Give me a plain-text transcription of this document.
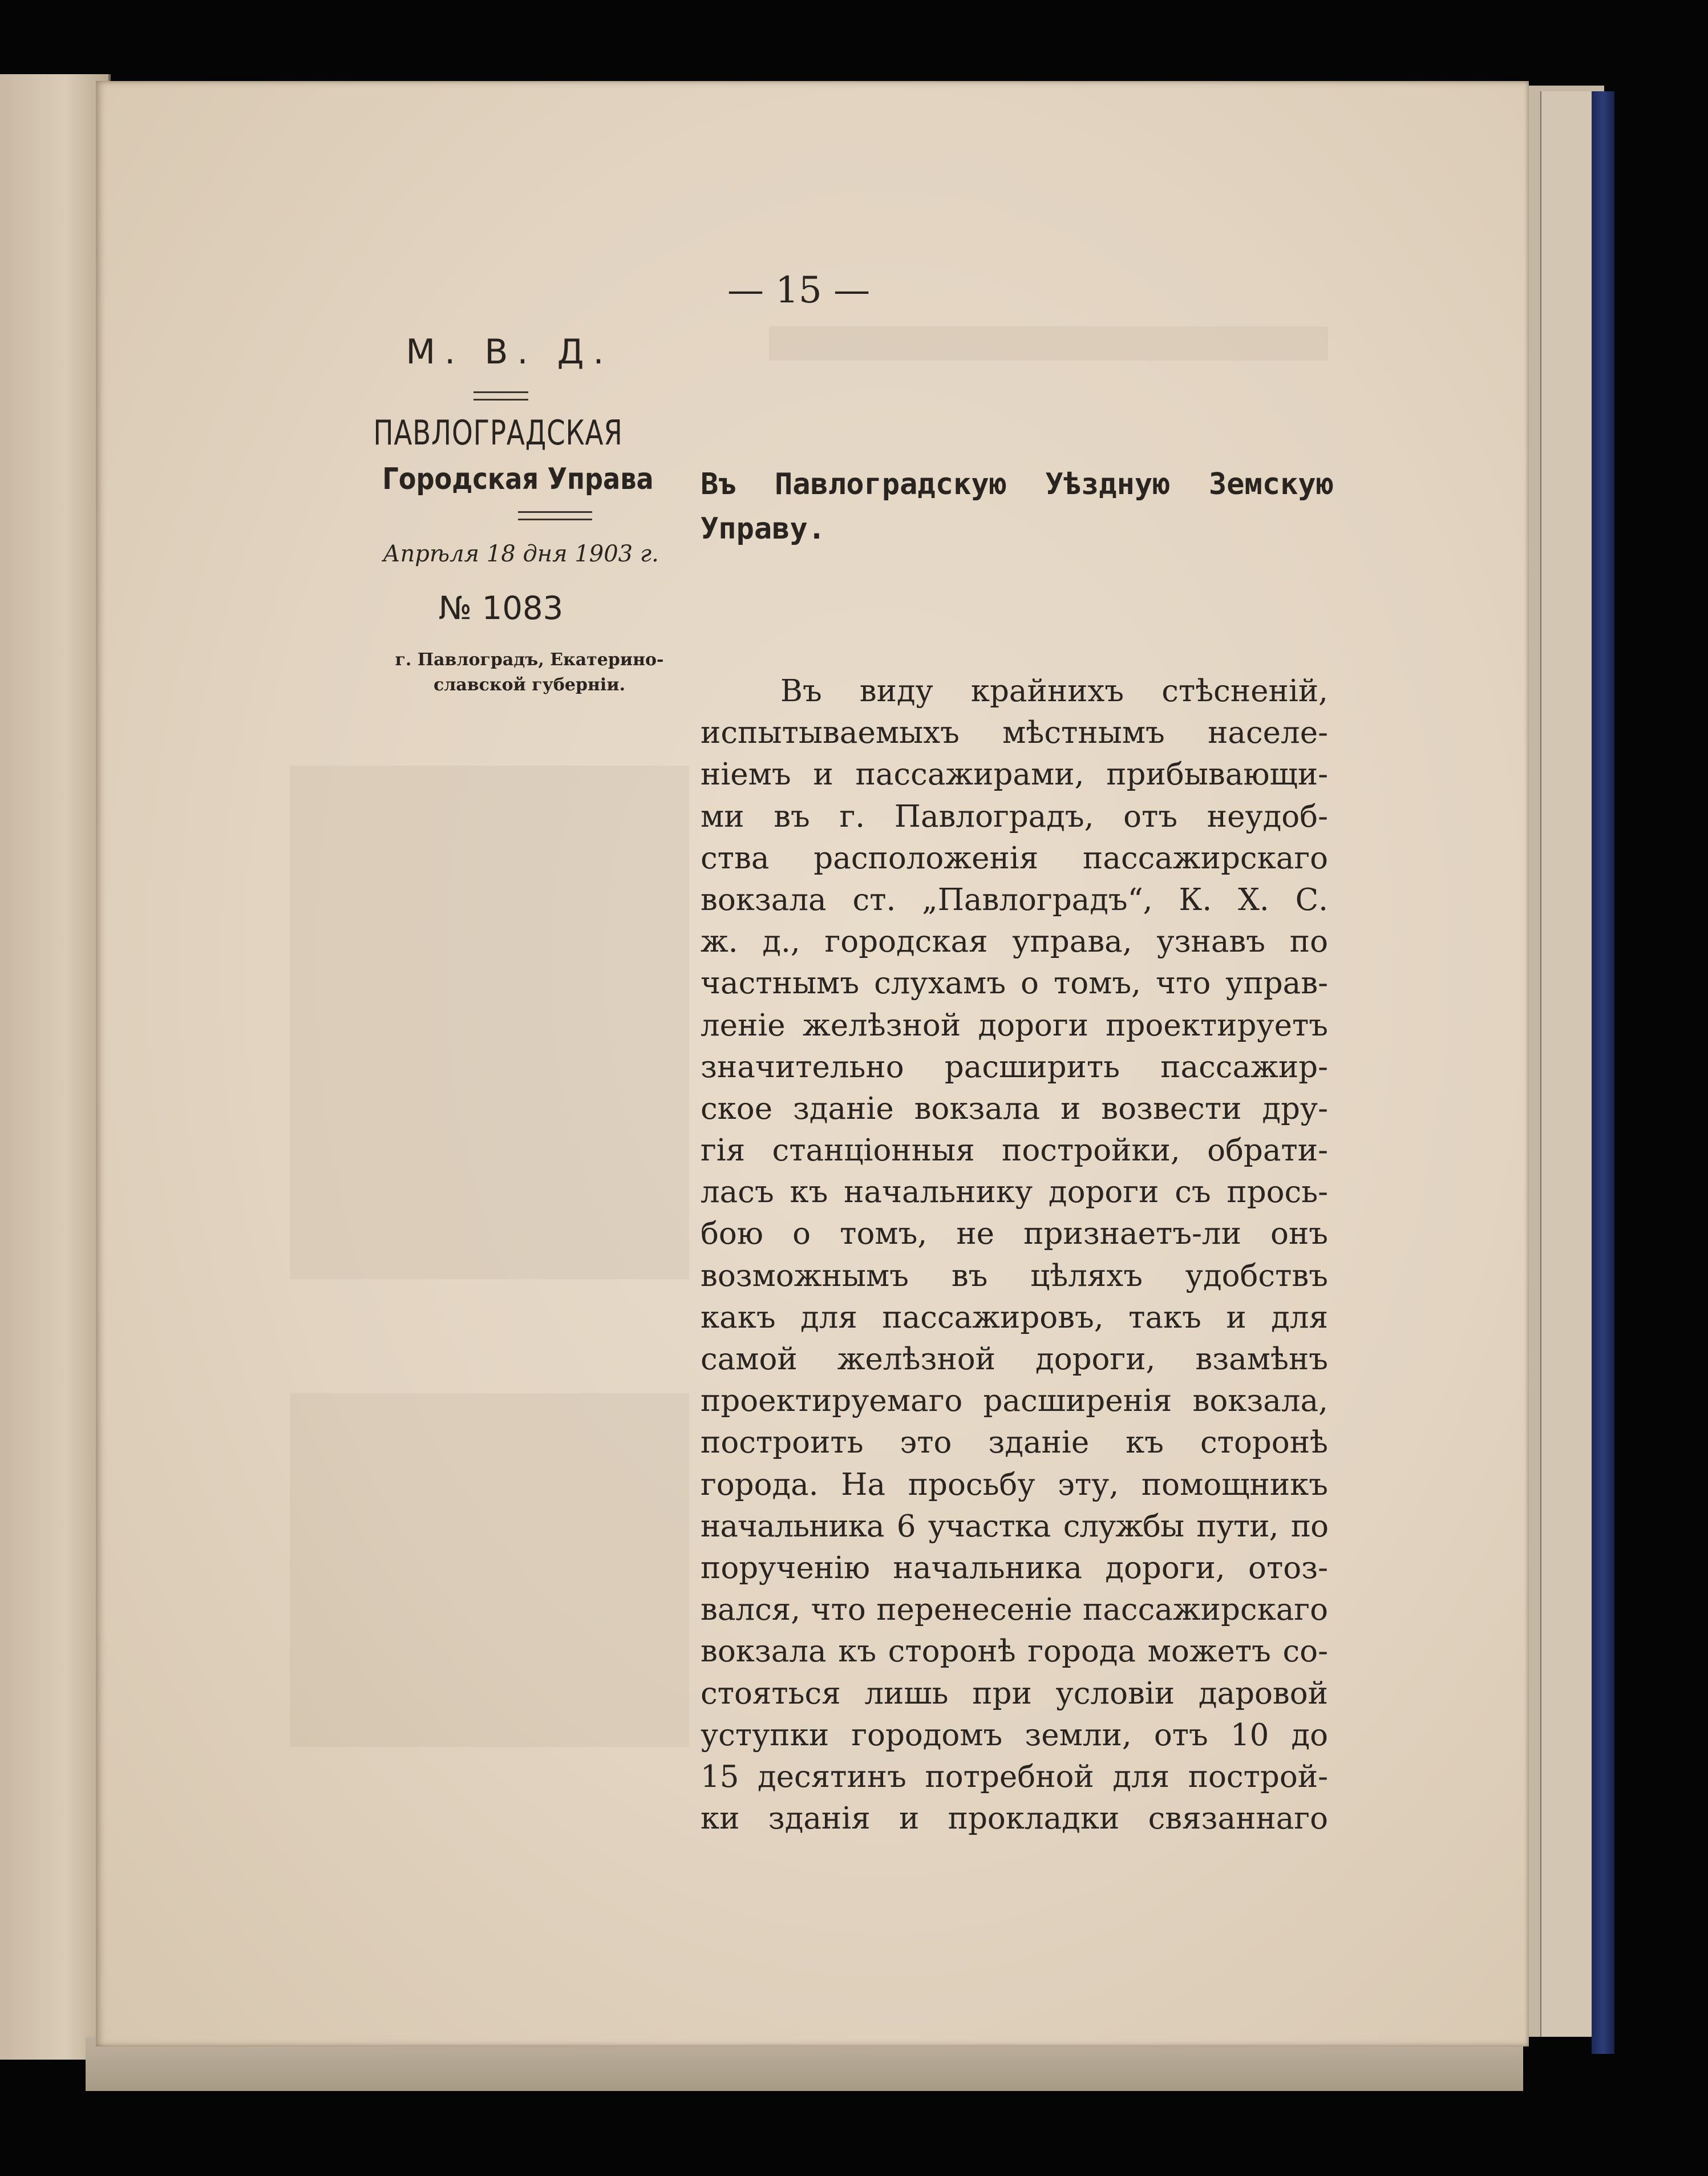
— 15 —
М. В. Д.
ПАВЛОГРАДСКАЯ
Городская Управа
Апрѣля 18 дня 1903 г.
№ 1083
г. Павлоградъ, Екатерино-
славской губерніи.
Въ Павлоградскую Уѣздную Земскую Управу.
Въ виду крайнихъ стѣсненій,
испытываемыхъ мѣстнымъ населе-
ніемъ и пассажирами, прибывающи-
ми въ г. Павлоградъ, отъ неудоб-
ства расположенія пассажирскаго
вокзала ст. „Павлоградъ“, К. Х. С.
ж. д., городская управа, узнавъ по
частнымъ слухамъ о томъ, что управ-
леніе желѣзной дороги проектируетъ
значительно расширить пассажир-
ское зданіе вокзала и возвести дру-
гія станціонныя постройки, обрати-
ласъ къ начальнику дороги съ прось-
бою о томъ, не признаетъ-ли онъ
возможнымъ въ цѣляхъ удобствъ
какъ для пассажировъ, такъ и для
самой желѣзной дороги, взамѣнъ
проектируемаго расширенія вокзала,
построить это зданіе къ сторонѣ
города. На просьбу эту, помощникъ
начальника 6 участка службы пути, по
порученію начальника дороги, отоз-
вался, что перенесеніе пассажирскаго
вокзала къ сторонѣ города можетъ со-
стояться лишь при условіи даровой
уступки городомъ земли, отъ 10 до
15 десятинъ потребной для построй-
ки зданія и прокладки связаннаго
